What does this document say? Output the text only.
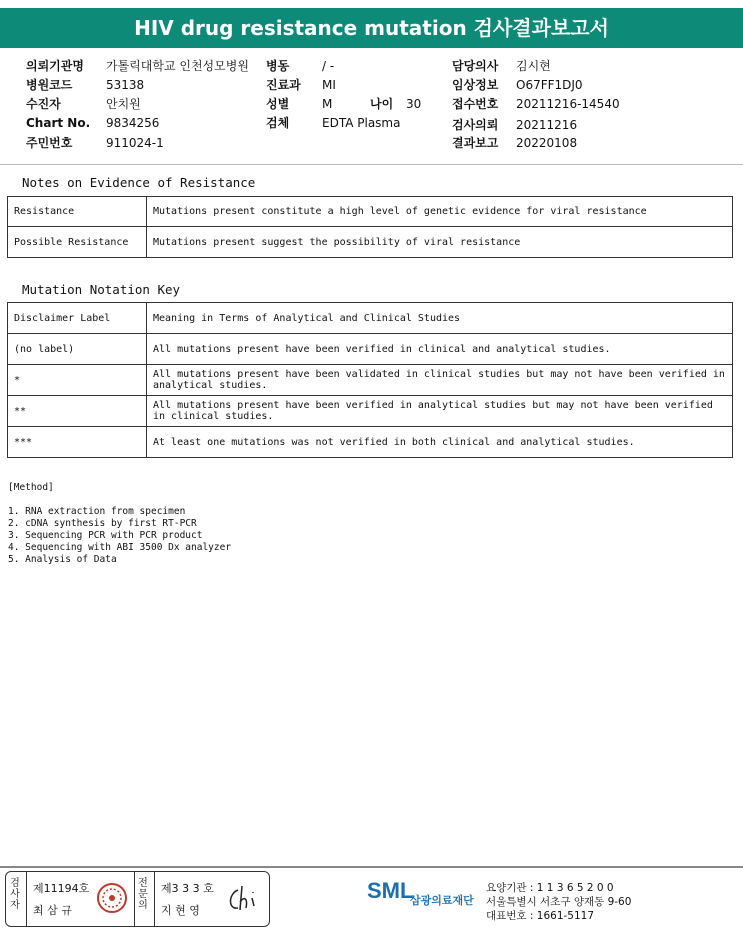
HIV drug resistance mutation 검사결과보고서
의뢰기관명 가톨릭대학교 인천성모병원
병원코드	53138
수진자	안치원
Chart No. 9834256
주민번호	911024-1
병동	/ -
진료과 MI
성별	M	나이 30
검체	EDTA Plasma
담당의사 김시현
임상정보 O67FF1DJ0
접수번호 20211216-14540
검사의뢰 20211216
결과보고 20220108
Notes on Evidence of Resistance
Resistance	Mutations present constitute a high level of genetic evidence for viral resistance
Possible Resistance	Mutations present suggest the possibility of viral resistance
Mutation Notation Key
Disclaimer Label	Meaning in Terms of Analytical and Clinical Studies
(no label)	All mutations present have been verified in clinical and analytical studies.
*	All mutations present have been validated in clinical studies but may not have been verified in analytical studies.
**	All mutations present have been verified in analytical studies but may not have been verified in clinical studies.
***	At least one mutations was not verified in both clinical and analytical studies.
[Method]
1. RNA extraction from specimen
2. cDNA synthesis by first RT-PCR
3. Sequencing PCR with PCR product
4. Sequencing with ABI 3500 Dx analyzer
5. Analysis of Data
검사자
제11194호
최 삼 규
전문의
제3 3 3 호
지 현 영
SML
삼광의료재단
요양기관 : 1 1 3 6 5 2 0 0
서울특별시 서초구 양재동 9-60
대표번호 : 1661-5117
